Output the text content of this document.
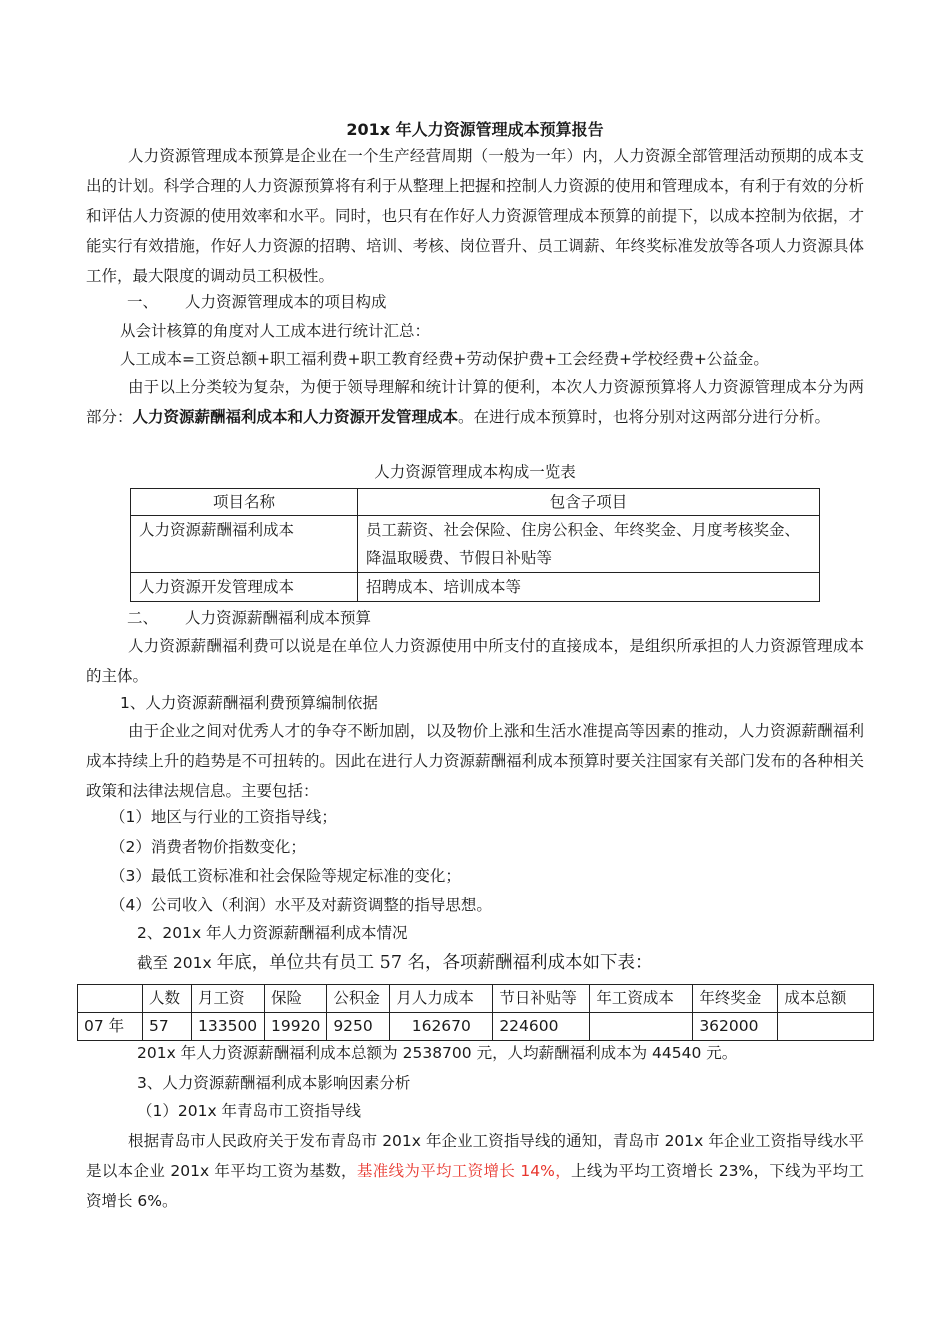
201x 年人力资源管理成本预算报告
人力资源管理成本预算是企业在一个生产经营周期（一般为一年）内，人力资源全部管理活动预期的成本支出的计划。科学合理的人力资源预算将有利于从整理上把握和控制人力资源的使用和管理成本，有利于有效的分析和评估人力资源的使用效率和水平。同时，也只有在作好人力资源管理成本预算的前提下，以成本控制为依据，才能实行有效措施，作好人力资源的招聘、培训、考核、岗位晋升、员工调薪、年终奖标准发放等各项人力资源具体工作，最大限度的调动员工积极性。
一、 人力资源管理成本的项目构成
从会计核算的角度对人工成本进行统计汇总：
人工成本=工资总额+职工福利费+职工教育经费+劳动保护费+工会经费+学校经费+公益金。
由于以上分类较为复杂，为便于领导理解和统计计算的便利，本次人力资源预算将人力资源管理成本分为两部分：人力资源薪酬福利成本和人力资源开发管理成本。在进行成本预算时，也将分别对这两部分进行分析。
人力资源管理成本构成一览表
项目名称	包含子项目
人力资源薪酬福利成本	员工薪资、社会保险、住房公积金、年终奖金、月度考核奖金、降温取暖费、节假日补贴等
人力资源开发管理成本	招聘成本、培训成本等
二、 人力资源薪酬福利成本预算
人力资源薪酬福利费可以说是在单位人力资源使用中所支付的直接成本，是组织所承担的人力资源管理成本的主体。
1、人力资源薪酬福利费预算编制依据
由于企业之间对优秀人才的争夺不断加剧，以及物价上涨和生活水准提高等因素的推动，人力资源薪酬福利成本持续上升的趋势是不可扭转的。因此在进行人力资源薪酬福利成本预算时要关注国家有关部门发布的各种相关政策和法律法规信息。主要包括：
（1）地区与行业的工资指导线；
（2）消费者物价指数变化；
（3）最低工资标准和社会保险等规定标准的变化；
（4）公司收入（利润）水平及对薪资调整的指导思想。
2、201x 年人力资源薪酬福利成本情况
截至 201x 年底，单位共有员工 57 名，各项薪酬福利成本如下表：
	人数	月工资	保险	公积金	月人力成本	节日补贴等	年工资成本	年终奖金	成本总额
07 年	57	133500	19920	9250	162670	224600		362000	
201x 年人力资源薪酬福利成本总额为 2538700 元，人均薪酬福利成本为 44540 元。
3、人力资源薪酬福利成本影响因素分析
（1）201x 年青岛市工资指导线
根据青岛市人民政府关于发布青岛市 201x 年企业工资指导线的通知，青岛市 201x 年企业工资指导线水平是以本企业 201x 年平均工资为基数，基准线为平均工资增长 14%，上线为平均工资增长 23%，下线为平均工资增长 6%。
